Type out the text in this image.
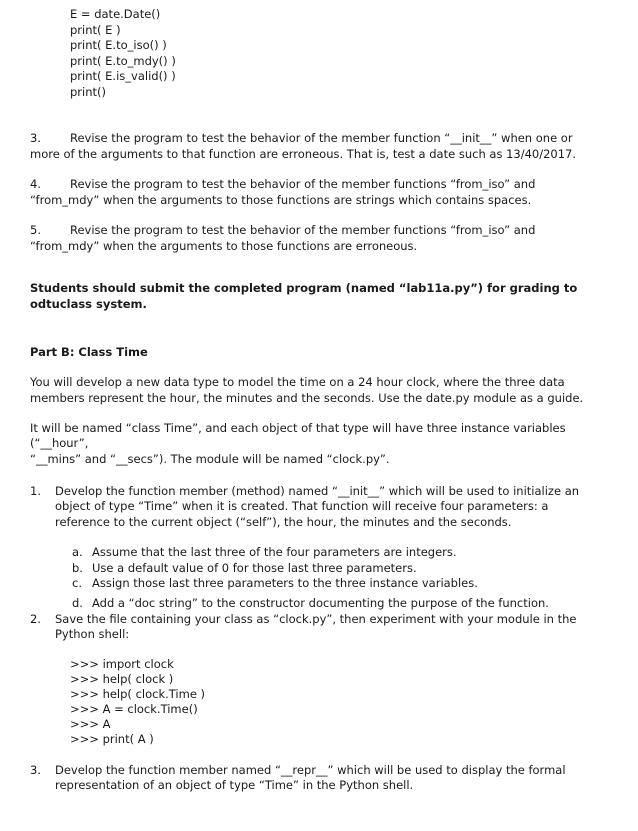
E = date.Date()
print( E )
print( E.to_iso() )
print( E.to_mdy() )
print( E.is_valid() )
print()
3.	Revise the program to test the behavior of the member function “__init__” when one or
more of the arguments to that function are erroneous. That is, test a date such as 13/40/2017.
4.	Revise the program to test the behavior of the member functions “from_iso” and
“from_mdy” when the arguments to those functions are strings which contains spaces.
5.	Revise the program to test the behavior of the member functions “from_iso” and
“from_mdy” when the arguments to those functions are erroneous.
Students should submit the completed program (named “lab11a.py”) for grading to
odtuclass system.
Part B: Class Time
You will develop a new data type to model the time on a 24 hour clock, where the three data
members represent the hour, the minutes and the seconds. Use the date.py module as a guide.
It will be named “class Time”, and each object of that type will have three instance variables
(“__hour”,
“__mins” and “__secs”). The module will be named “clock.py”.
1. Develop the function member (method) named “__init__” which will be used to initialize an
object of type “Time” when it is created. That function will receive four parameters: a
reference to the current object (“self”), the hour, the minutes and the seconds.
a. Assume that the last three of the four parameters are integers.
b. Use a default value of 0 for those last three parameters.
c. Assign those last three parameters to the three instance variables.
d. Add a “doc string” to the constructor documenting the purpose of the function.
2. Save the file containing your class as “clock.py”, then experiment with your module in the
Python shell:
>>> import clock
>>> help( clock )
>>> help( clock.Time )
>>> A = clock.Time()
>>> A
>>> print( A )
3. Develop the function member named “__repr__” which will be used to display the formal
representation of an object of type “Time” in the Python shell.
